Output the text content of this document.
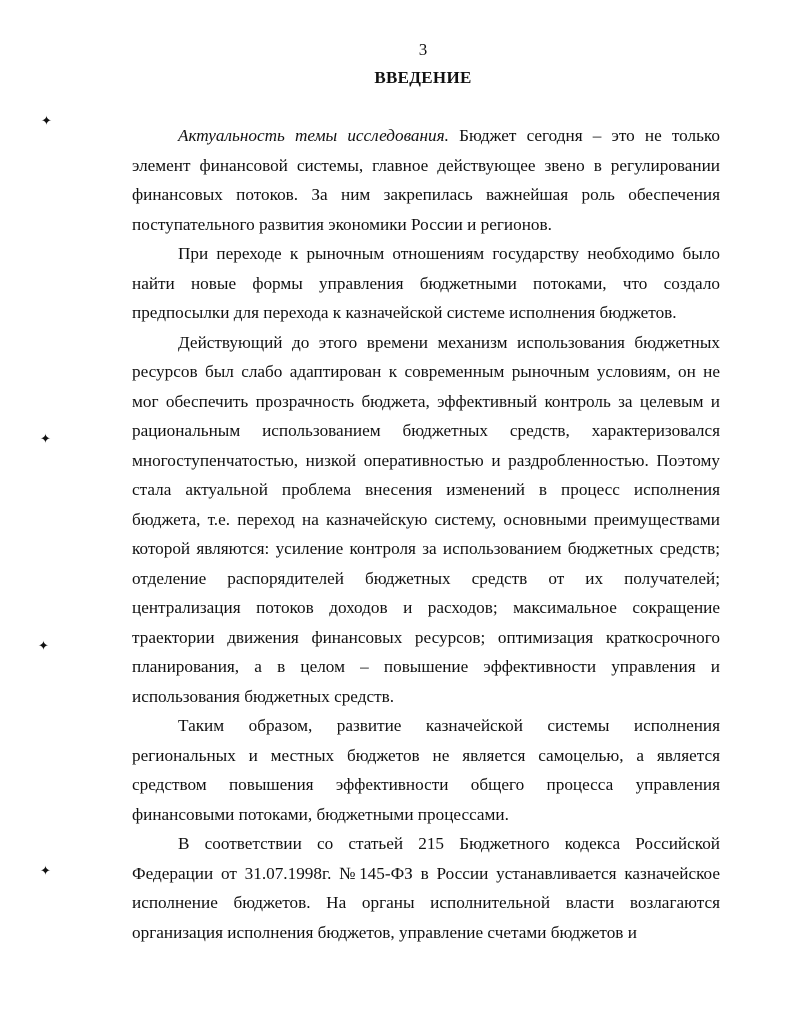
3
ВВЕДЕНИЕ
✦
✦
✦
✦

Актуальность темы исследования. Бюджет сегодня – это не только элемент финансовой системы, главное действующее звено в регулировании финансовых потоков. За ним закрепилась важнейшая роль обеспечения поступательного развития экономики России и регионов.

При переходе к рыночным отношениям государству необходимо было найти новые формы управления бюджетными потоками, что создало предпосылки для перехода к казначейской системе исполнения бюджетов.

Действующий до этого времени механизм использования бюджетных ресурсов был слабо адаптирован к современным рыночным условиям, он не мог обеспечить прозрачность бюджета, эффективный контроль за целевым и рациональным использованием бюджетных средств, характеризовался многоступенчатостью, низкой оперативностью и раздробленностью. Поэтому стала актуальной проблема внесения изменений в процесс исполнения бюджета, т.е. переход на казначейскую систему, основными преимуществами которой являются: усиление контроля за использованием бюджетных средств; отделение распорядителей бюджетных средств от их получателей; централизация потоков доходов и расходов; максимальное сокращение траектории движения финансовых ресурсов; оптимизация краткосрочного планирования, а в целом – повышение эффективности управления и использования бюджетных средств.

Таким образом, развитие казначейской системы исполнения региональных и местных бюджетов не является самоцелью, а является средством повышения эффективности общего процесса управления финансовыми потоками, бюджетными процессами.

В соответствии со статьей 215 Бюджетного кодекса Российской Федерации от 31.07.1998г. №145-ФЗ в России устанавливается казначейское исполнение бюджетов. На органы исполнительной власти возлагаются организация исполнения бюджетов, управление счетами бюджетов и
